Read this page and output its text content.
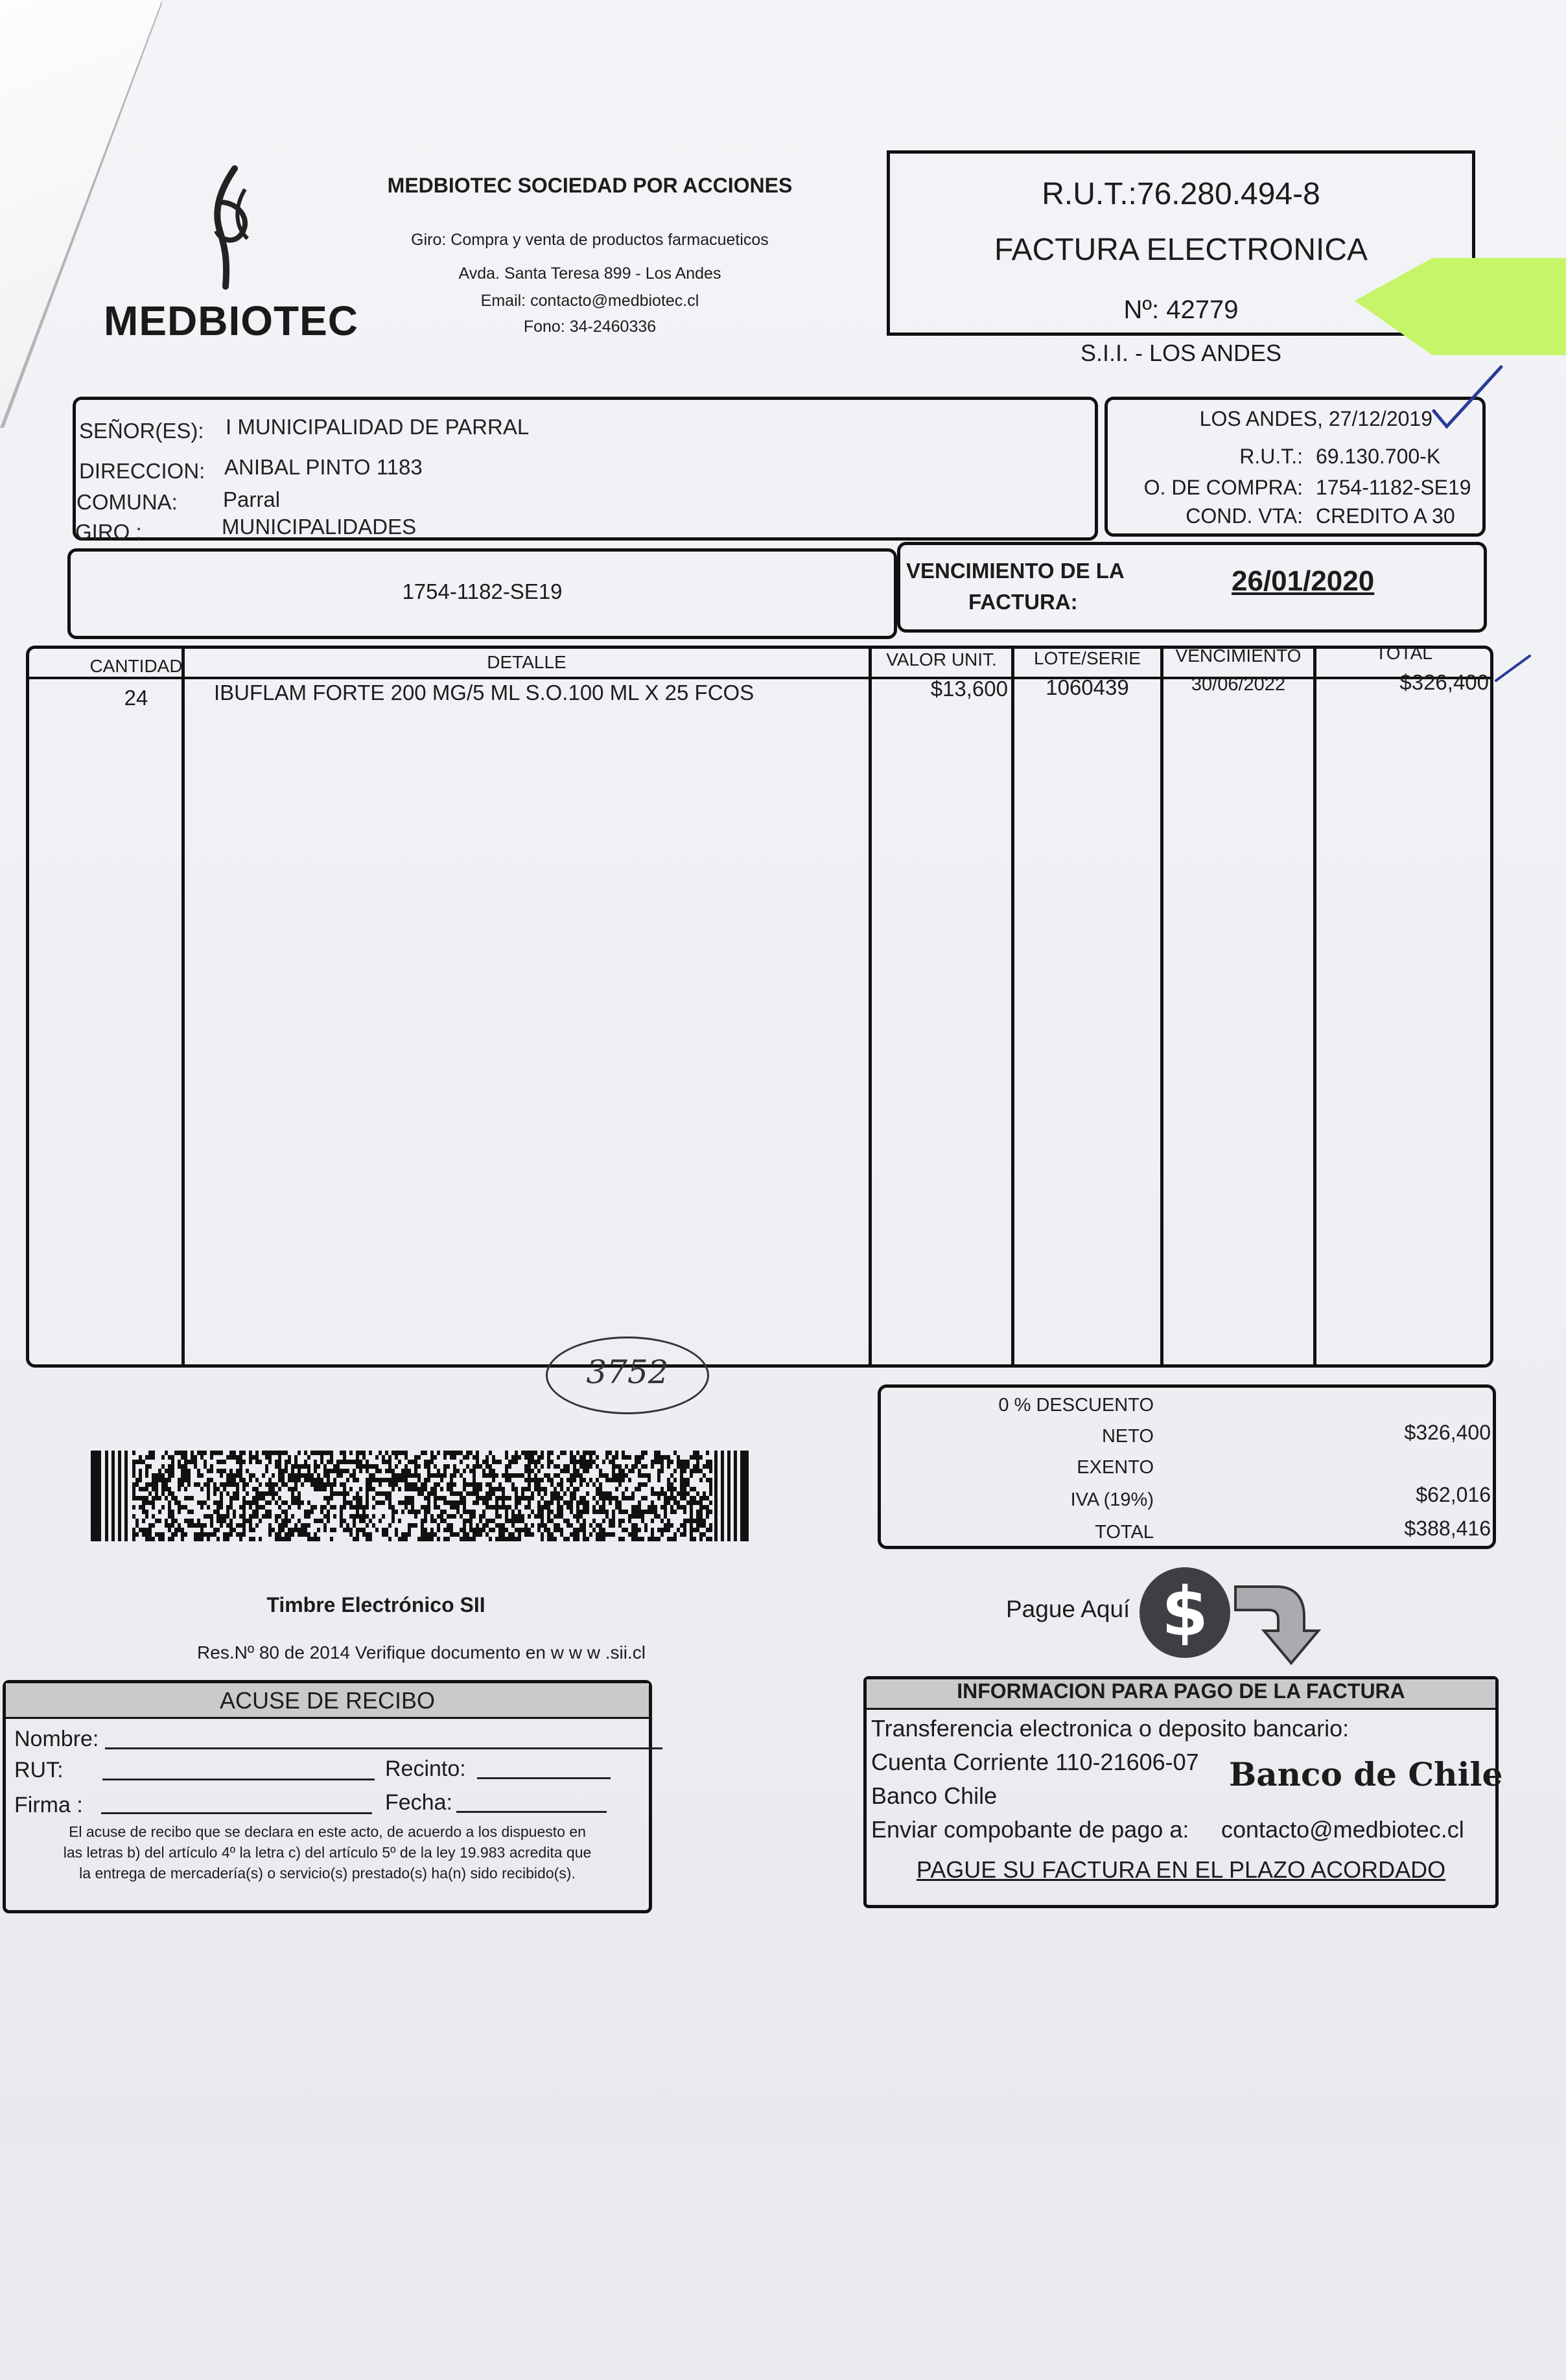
MEDBIOTEC
MEDBIOTEC SOCIEDAD POR ACCIONES
Giro: Compra y venta de productos farmacueticos
Avda. Santa Teresa 899 - Los Andes
Email: contacto@medbiotec.cl
Fono: 34-2460336
R.U.T.:76.280.494-8
FACTURA ELECTRONICA
Nº: 42779
S.I.I. - LOS ANDES
SEÑOR(ES): I MUNICIPALIDAD DE PARRAL
DIRECCION: ANIBAL PINTO 1183
COMUNA: Parral
GIRO :	MUNICIPALIDADES
LOS ANDES, 27/12/2019
R.U.T.: 69.130.700-K
O. DE COMPRA: 1754-1182-SE19
COND. VTA: CREDITO A 30
1754-1182-SE19
VENCIMIENTO DE LA
FACTURA:
26/01/2020
CANTIDAD	DETALLE	VALOR UNIT.	LOTE/SERIE	VENCIMIENTO	TOTAL
24	IBUFLAM FORTE 200 MG/5 ML S.O.100 ML X 25 FCOS	$13,600	1060439	30/06/2022	$326,400
3752
0 % DESCUENTO
NETO	$326,400
EXENTO
IVA (19%)	$62,016
TOTAL	$388,416
Timbre Electrónico SII
Res.Nº 80 de 2014 Verifique documento en w w w .sii.cl
ACUSE DE RECIBO
Nombre:
RUT:	Recinto:
Firma :	Fecha:
El acuse de recibo que se declara en este acto, de acuerdo a los dispuesto en
las letras b) del artículo 4º la letra c) del artículo 5º de la ley 19.983 acredita que
la entrega de mercadería(s) o servicio(s) prestado(s) ha(n) sido recibido(s).
Pague Aquí $
INFORMACION PARA PAGO DE LA FACTURA
Transferencia electronica o deposito bancario:
Cuenta Corriente 110-21606-07
Banco Chile
Banco de Chile
Enviar compobante de pago a: contacto@medbiotec.cl
PAGUE SU FACTURA EN EL PLAZO ACORDADO
